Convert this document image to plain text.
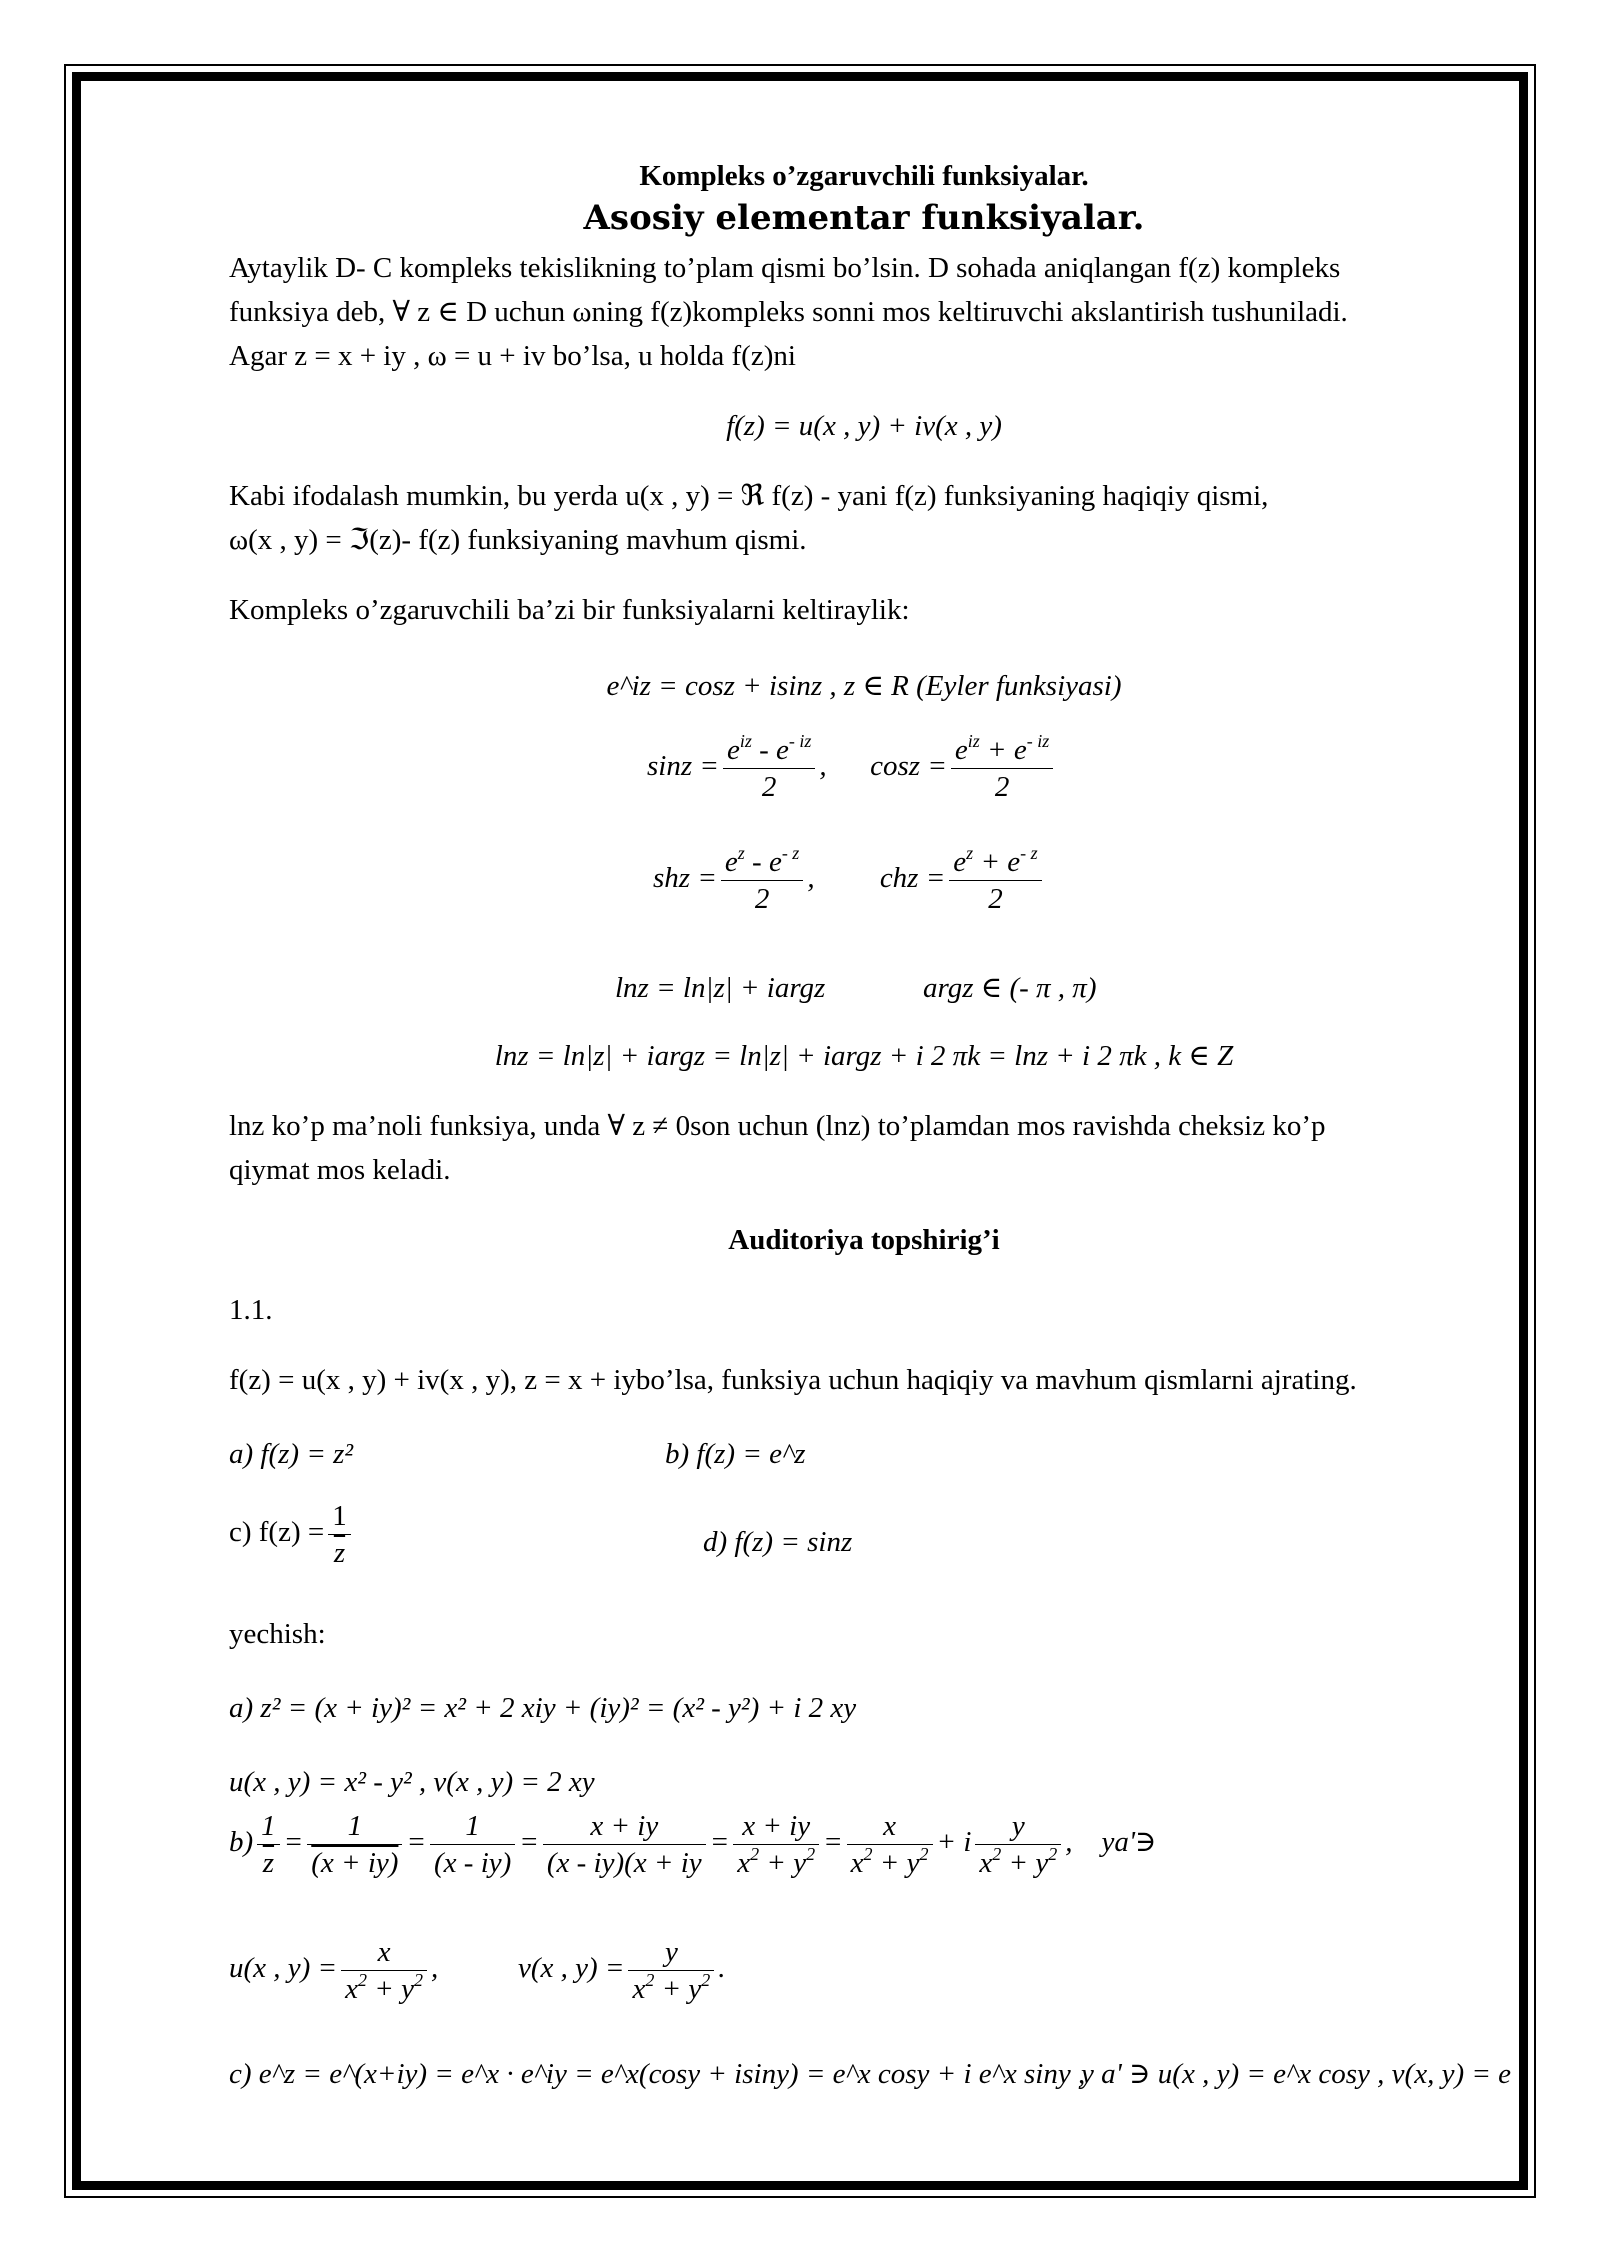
Kompleks o’zgaruvchili funksiyalar.
Asosiy elementar funksiyalar.
Aytaylik D- C kompleks tekislikning to’plam qismi bo’lsin. D sohada aniqlangan f(z) kompleks
funksiya deb, ∀ z ∈ D uchun ωning f(z)kompleks sonni mos keltiruvchi akslantirish tushuniladi.
Agar z = x + iy , ω = u + iv bo’lsa, u holda f(z)ni
f(z) = u(x , y) + iv(x , y)
Kabi ifodalash mumkin, bu yerda u(x , y) = ℜ f(z) - yani f(z) funksiyaning haqiqiy qismi,
ω(x , y) = ℑ(z)- f(z) funksiyaning mavhum qismi.
Kompleks o’zgaruvchili ba’zi bir funksiyalarni keltiraylik:
e^iz = cosz + isinz , z ∈ R (Eyler funksiyasi)
$\sin z = \frac{e^{iz} - e^{- iz}}{2}$ ,      $\cos z = \frac{e^{iz} + e^{- iz}}{2}$
shz = $\frac{e^z - e^{- z}}{2}$ ,         chz = $\frac{e^z + e^{- z}}{2}$
lnz = ln|z| + iargz	argz ∈ (- π , π)
lnz = ln|z| + iargz = ln|z| + iargz + i 2 πk = lnz + i 2 πk , k ∈ Z
lnz ko’p ma’noli funksiya, unda ∀ z ≠ 0son uchun (lnz) to’plamdan mos ravishda cheksiz ko’p
qiymat mos keladi.
Auditoriya topshirig’i
1.1.
f(z) = u(x , y) + iv(x , y), z = x + iybo’lsa, funksiya uchun haqiqiy va mavhum qismlarni ajrating.
a) f(z) = z²	b) f(z) = e^z
c) $f(z) = \frac{1}{z}$	d) f(z) = sinz
yechish:
a) z² = (x + iy)² = x² + 2 xiy + (iy)² = (x² - y²) + i 2 xy
u(x , y) = x² - y² , v(x , y) = 2 xy
$b) \frac{1}{z} = \frac{1}{(x + iy)} = \frac{1}{(x - iy)} = \frac{x + iy}{(x - iy)(x + iy} = \frac{x + iy}{x^2 + y^2} = \frac{x}{x^2 + y^2} + i \frac{y}{x^2 + y^2}$ ,    ya'∋
u(x , $y) = \frac{x}{x^2 + y^2}$ ,           v(x , $y) = \frac{y}{x^2 + y^2}$ .
c) e^z = e^(x+iy) = e^x · e^iy = e^x(cosy + isiny) = e^x cosy + i e^x siny ,
y a' ∋ u(x , y) = e^x cosy , v(x, y) = e
